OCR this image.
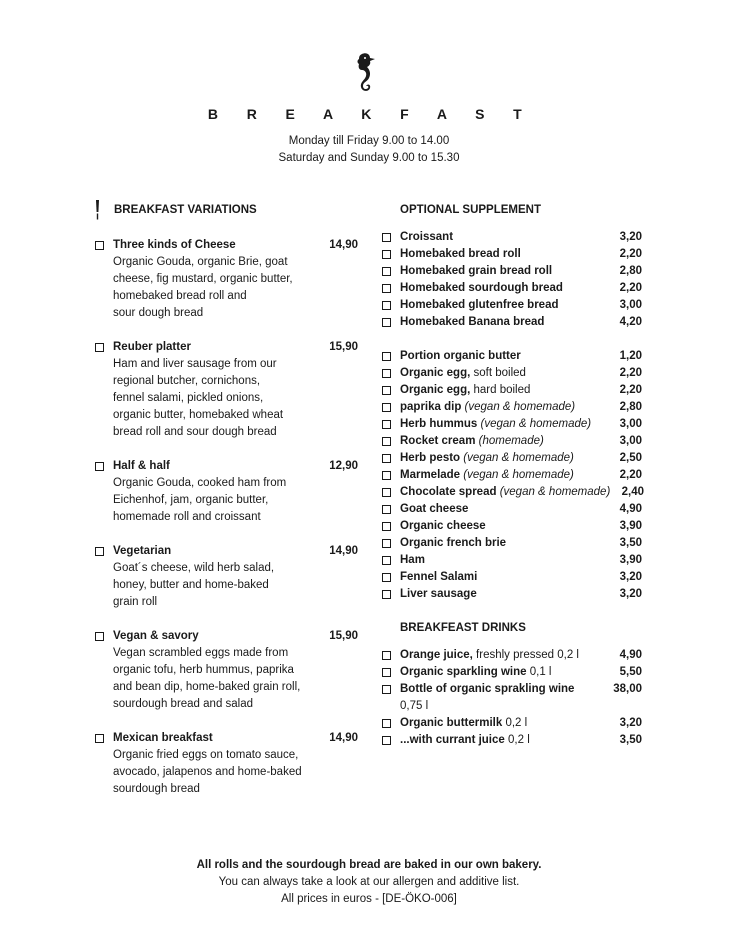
B R E A K F A S T
Monday till Friday 9.00 to 14.00
Saturday and Sunday 9.00 to 15.30
BREAKFAST VARIATIONS
Three kinds of Cheese	14,90
Organic Gouda, organic Brie, goat
cheese, fig mustard, organic butter,
homebaked bread roll and
sour dough bread
Reuber platter	15,90
Ham and liver sausage from our
regional butcher, cornichons,
fennel salami, pickled onions,
organic butter, homebaked wheat
bread roll and sour dough bread
Half & half	12,90
Organic Gouda, cooked ham from
Eichenhof, jam, organic butter,
homemade roll and croissant
Vegetarian	14,90
Goat´s cheese, wild herb salad,
honey, butter and home-baked
grain roll
Vegan & savory	15,90
Vegan scrambled eggs made from
organic tofu, herb hummus, paprika
and bean dip, home-baked grain roll,
sourdough bread and salad
Mexican breakfast	14,90
Organic fried eggs on tomato sauce,
avocado, jalapenos and home-baked
sourdough bread
OPTIONAL SUPPLEMENT
Croissant	3,20
Homebaked bread roll	2,20
Homebaked grain bread roll	2,80
Homebaked sourdough bread	2,20
Homebaked glutenfree bread	3,00
Homebaked Banana bread	4,20
Portion organic butter	1,20
Organic egg, soft boiled	2,20
Organic egg, hard boiled	2,20
paprika dip (vegan & homemade)	2,80
Herb hummus (vegan & homemade) 3,00
Rocket cream (homemade)	3,00
Herb pesto (vegan & homemade)	2,50
Marmelade (vegan & homemade)	2,20
Chocolate spread (vegan & homemade) 2,40
Goat cheese	4,90
Organic cheese	3,90
Organic french brie	3,50
Ham	3,90
Fennel Salami	3,20
Liver sausage	3,20
BREAKFEAST DRINKS
Orange juice, freshly pressed 0,2 l	4,90
Organic sparkling wine 0,1 l	5,50
Bottle of organic sprakling wine	38,00
0,75 l
Organic buttermilk 0,2 l	3,20
...with currant juice 0,2 l	3,50
All rolls and the sourdough bread are baked in our own bakery.
You can always take a look at our allergen and additive list.
All prices in euros - [DE-ÖKO-006]
